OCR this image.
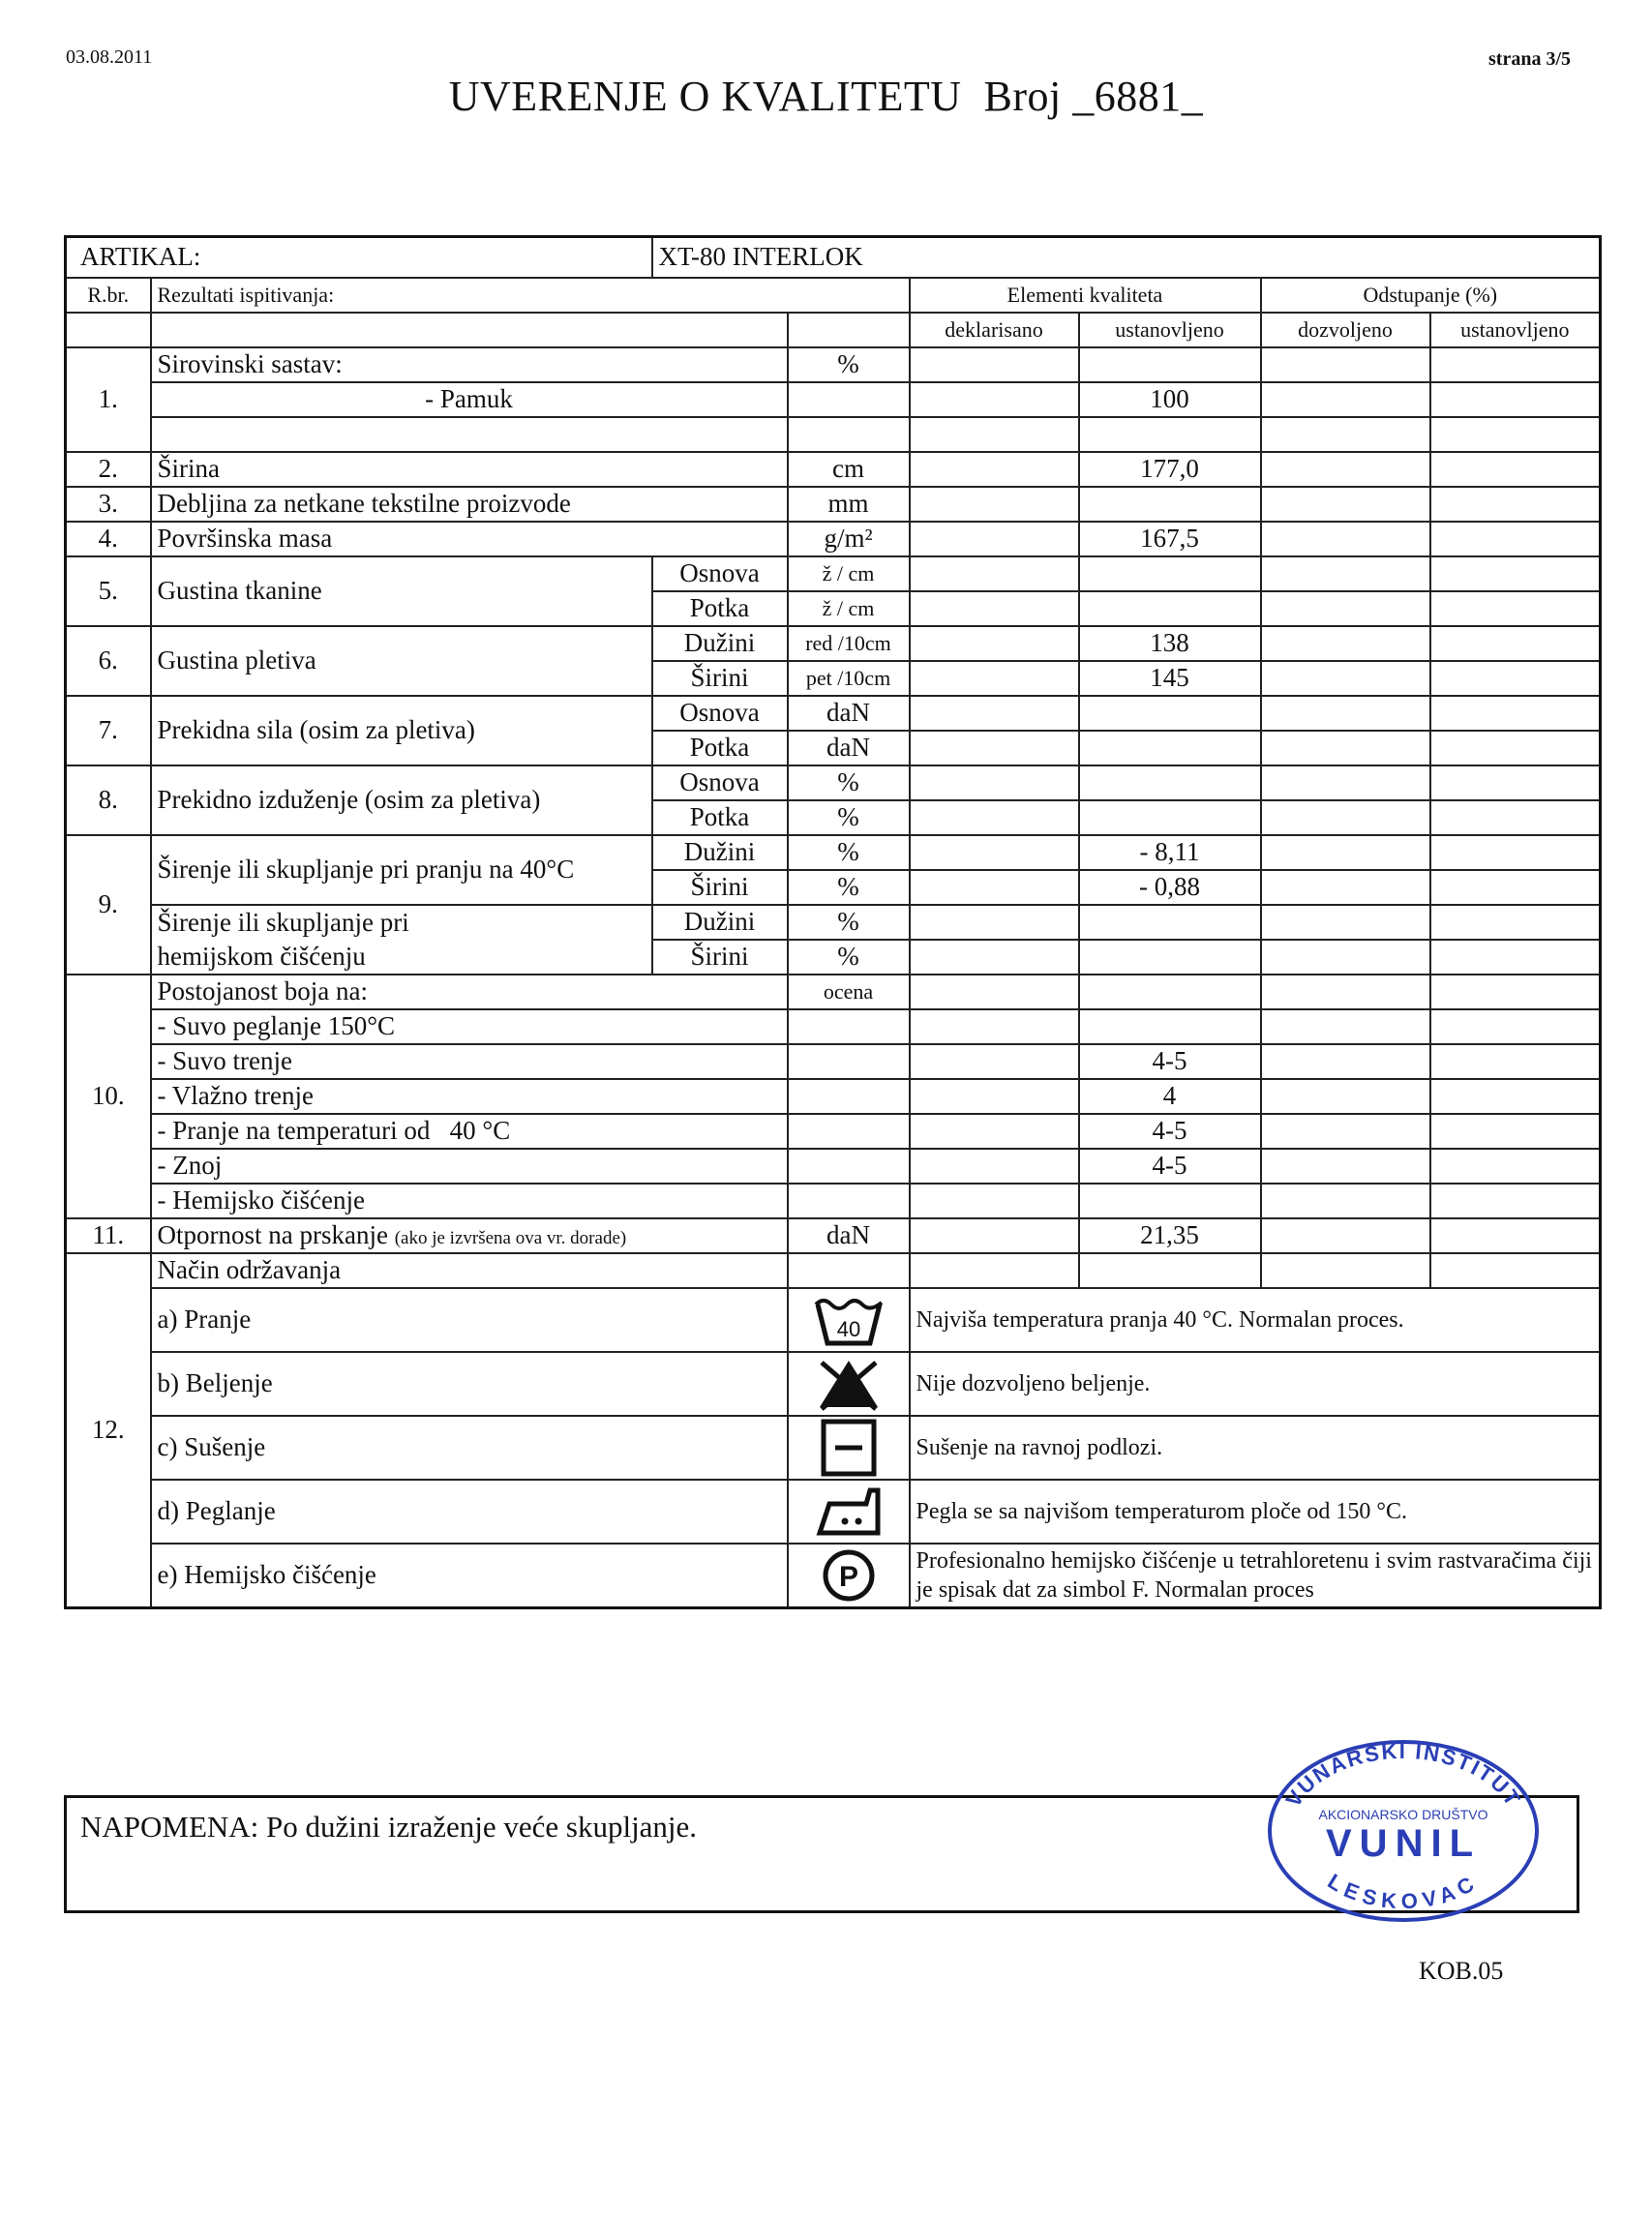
03.08.2011	strana 3/5
UVERENJE O KVALITETU Broj _6881_
ARTIKAL:		XT-80 INTERLOK					
R.br.	Rezultati ispitivanja:			Elementi kvaliteta		Odstupanje (%)	
				deklarisano	ustanovljeno	dozvoljeno	ustanovljeno
1.	Sirovinski sastav:		%				
	- Pamuk				100		

2.	Širina		cm		177,0		
3.	Debljina za netkane tekstilne proizvode		mm				
4.	Površinska masa		g/m²		167,5		
5.	Gustina tkanine	Osnova	ž / cm				
		Potka	ž / cm				
6.	Gustina pletiva	Dužini	red /10cm		138		
		Širini	pet /10cm		145		
7.	Prekidna sila (osim za pletiva)	Osnova	daN				
		Potka	daN				
8.	Prekidno izduženje (osim za pletiva)	Osnova	%				
		Potka	%				
9.	Širenje ili skupljanje pri pranju na 40°C	Dužini	%		- 8,11		
		Širini	%		- 0,88		
	Širenje ili skupljanje pri	Dužini	%				
	hemijskom čišćenju	Širini	%				
10.	Postojanost boja na:		ocena				
	- Suvo peglanje 150°C						
	- Suvo trenje				4-5		
	- Vlažno trenje				4		
	- Pranje na temperaturi od   40 °C				4-5		
	- Znoj				4-5		
	- Hemijsko čišćenje						
11.	Otpornost na prskanje (ako je izvršena ova vr. dorade)		daN		21,35		
12.	Način održavanja						
	a) Pranje		40	Najviša temperatura pranja 40 °C. Normalan proces.			
	b) Beljenje			Nije dozvoljeno beljenje.			
	c) Sušenje			Sušenje na ravnoj podlozi.			
	d) Peglanje			Pegla se sa najvišom temperaturom ploče od 150 °C.			
	e) Hemijsko čišćenje		P	Profesionalno hemijsko čišćenje u tetrahloretenu i svim rastvaračima čiji je spisak dat za simbol F. Normalan proces			
NAPOMENA: Po dužini izraženje veće skupljanje.
VUNARSKI INSTITUT
AKCIONARSKO DRUŠTVO
VUNIL
LESKOVAC
KOB.05
